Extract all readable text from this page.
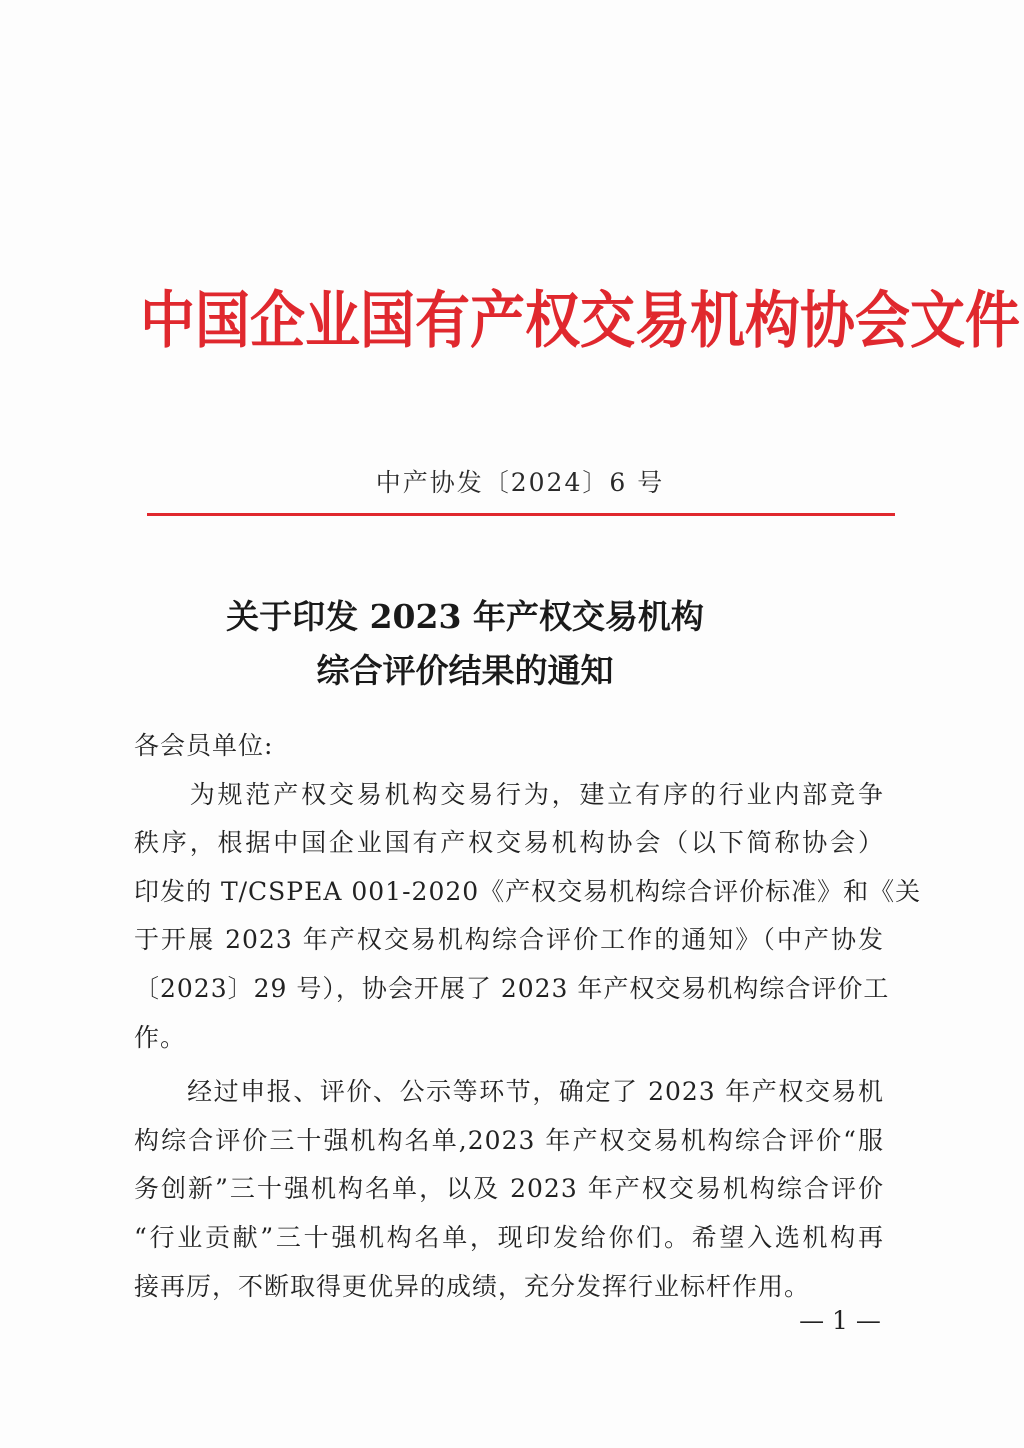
中国企业国有产权交易机构协会文件
中产协发〔2024〕6 号
关于印发 2023 年产权交易机构
综合评价结果的通知
各会员单位:
　　为规范产权交易机构交易行为，建立有序的行业内部竞争
秩序，根据中国企业国有产权交易机构协会（以下简称协会）
印发的 T/CSPEA 001-2020《产权交易机构综合评价标准》和《关
于开展 2023 年产权交易机构综合评价工作的通知》（中产协发
〔2023〕29 号），协会开展了 2023 年产权交易机构综合评价工
作。
　　经过申报、评价、公示等环节，确定了 2023 年产权交易机
构综合评价三十强机构名单,2023 年产权交易机构综合评价“服
务创新”三十强机构名单，以及 2023 年产权交易机构综合评价
“行业贡献”三十强机构名单，现印发给你们。希望入选机构再
接再厉，不断取得更优异的成绩，充分发挥行业标杆作用。
— 1 —
